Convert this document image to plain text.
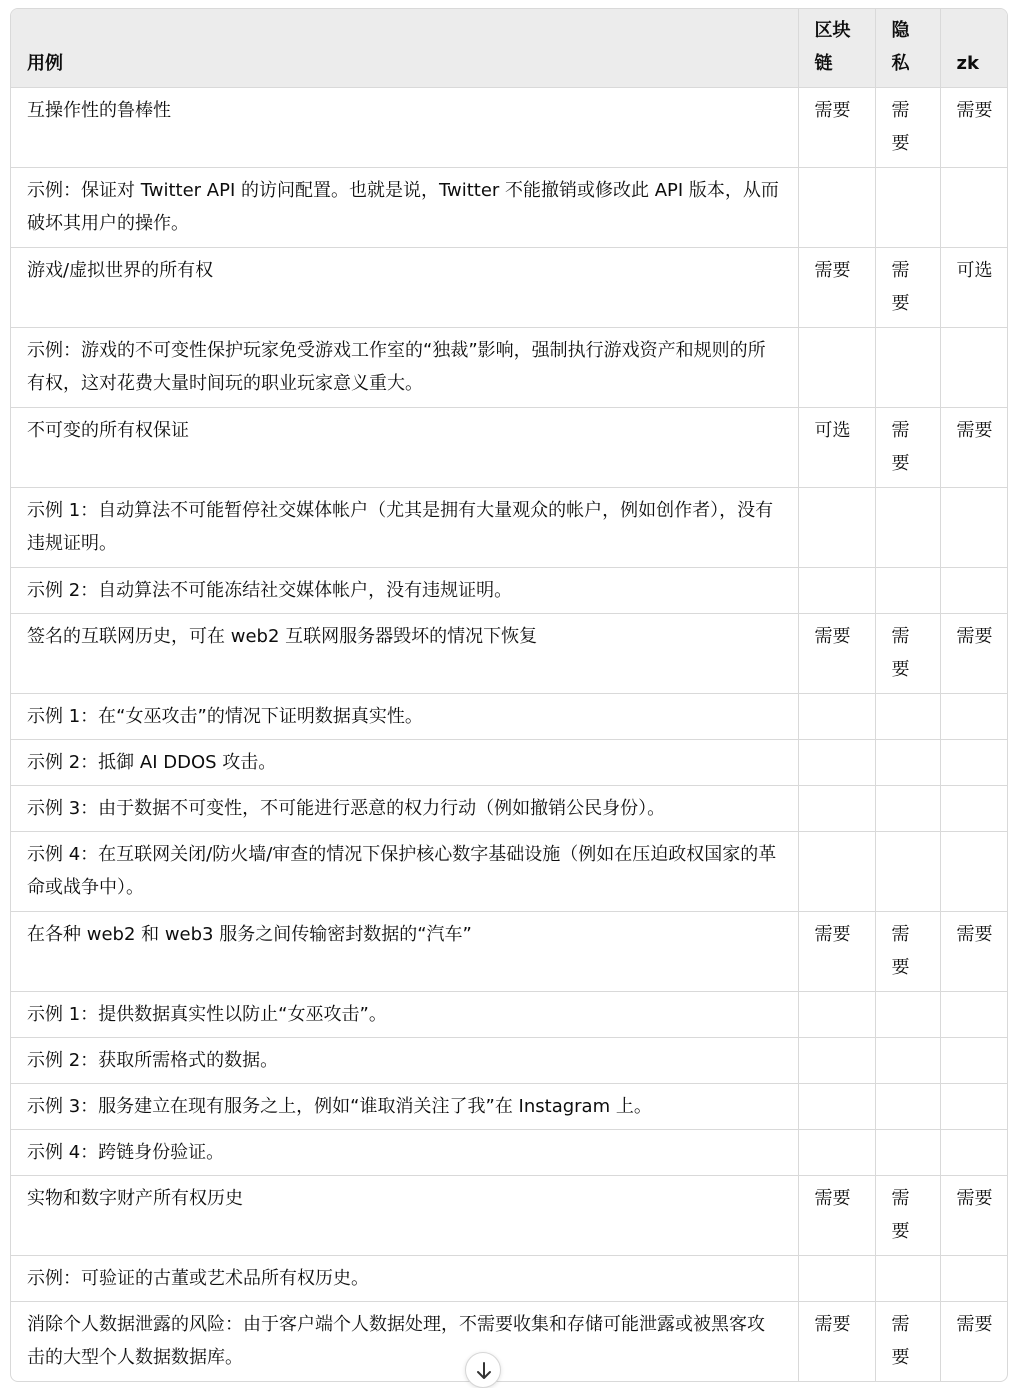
用例	区块链	隐私	zk
互操作性的鲁棒性	需要	需要	需要
示例：保证对 Twitter API 的访问配置。也就是说，Twitter 不能撤销或修改此 API 版本，从而破坏其用户的操作。			
游戏/虚拟世界的所有权	需要	需要	可选
示例：游戏的不可变性保护玩家免受游戏工作室的“独裁”影响，强制执行游戏资产和规则的所有权，这对花费大量时间玩的职业玩家意义重大。			
不可变的所有权保证	可选	需要	需要
示例 1：自动算法不可能暂停社交媒体帐户（尤其是拥有大量观众的帐户，例如创作者），没有违规证明。			
示例 2：自动算法不可能冻结社交媒体帐户，没有违规证明。			
签名的互联网历史，可在 web2 互联网服务器毁坏的情况下恢复	需要	需要	需要
示例 1：在“女巫攻击”的情况下证明数据真实性。			
示例 2：抵御 AI DDOS 攻击。			
示例 3：由于数据不可变性，不可能进行恶意的权力行动（例如撤销公民身份）。			
示例 4：在互联网关闭/防火墙/审查的情况下保护核心数字基础设施（例如在压迫政权国家的革命或战争中）。			
在各种 web2 和 web3 服务之间传输密封数据的“汽车”	需要	需要	需要
示例 1：提供数据真实性以防止“女巫攻击”。			
示例 2：获取所需格式的数据。			
示例 3：服务建立在现有服务之上，例如“谁取消关注了我”在 Instagram 上。			
示例 4：跨链身份验证。			
实物和数字财产所有权历史	需要	需要	需要
示例：可验证的古董或艺术品所有权历史。			
消除个人数据泄露的风险：由于客户端个人数据处理，不需要收集和存储可能泄露或被黑客攻击的大型个人数据数据库。	需要	需要	需要
